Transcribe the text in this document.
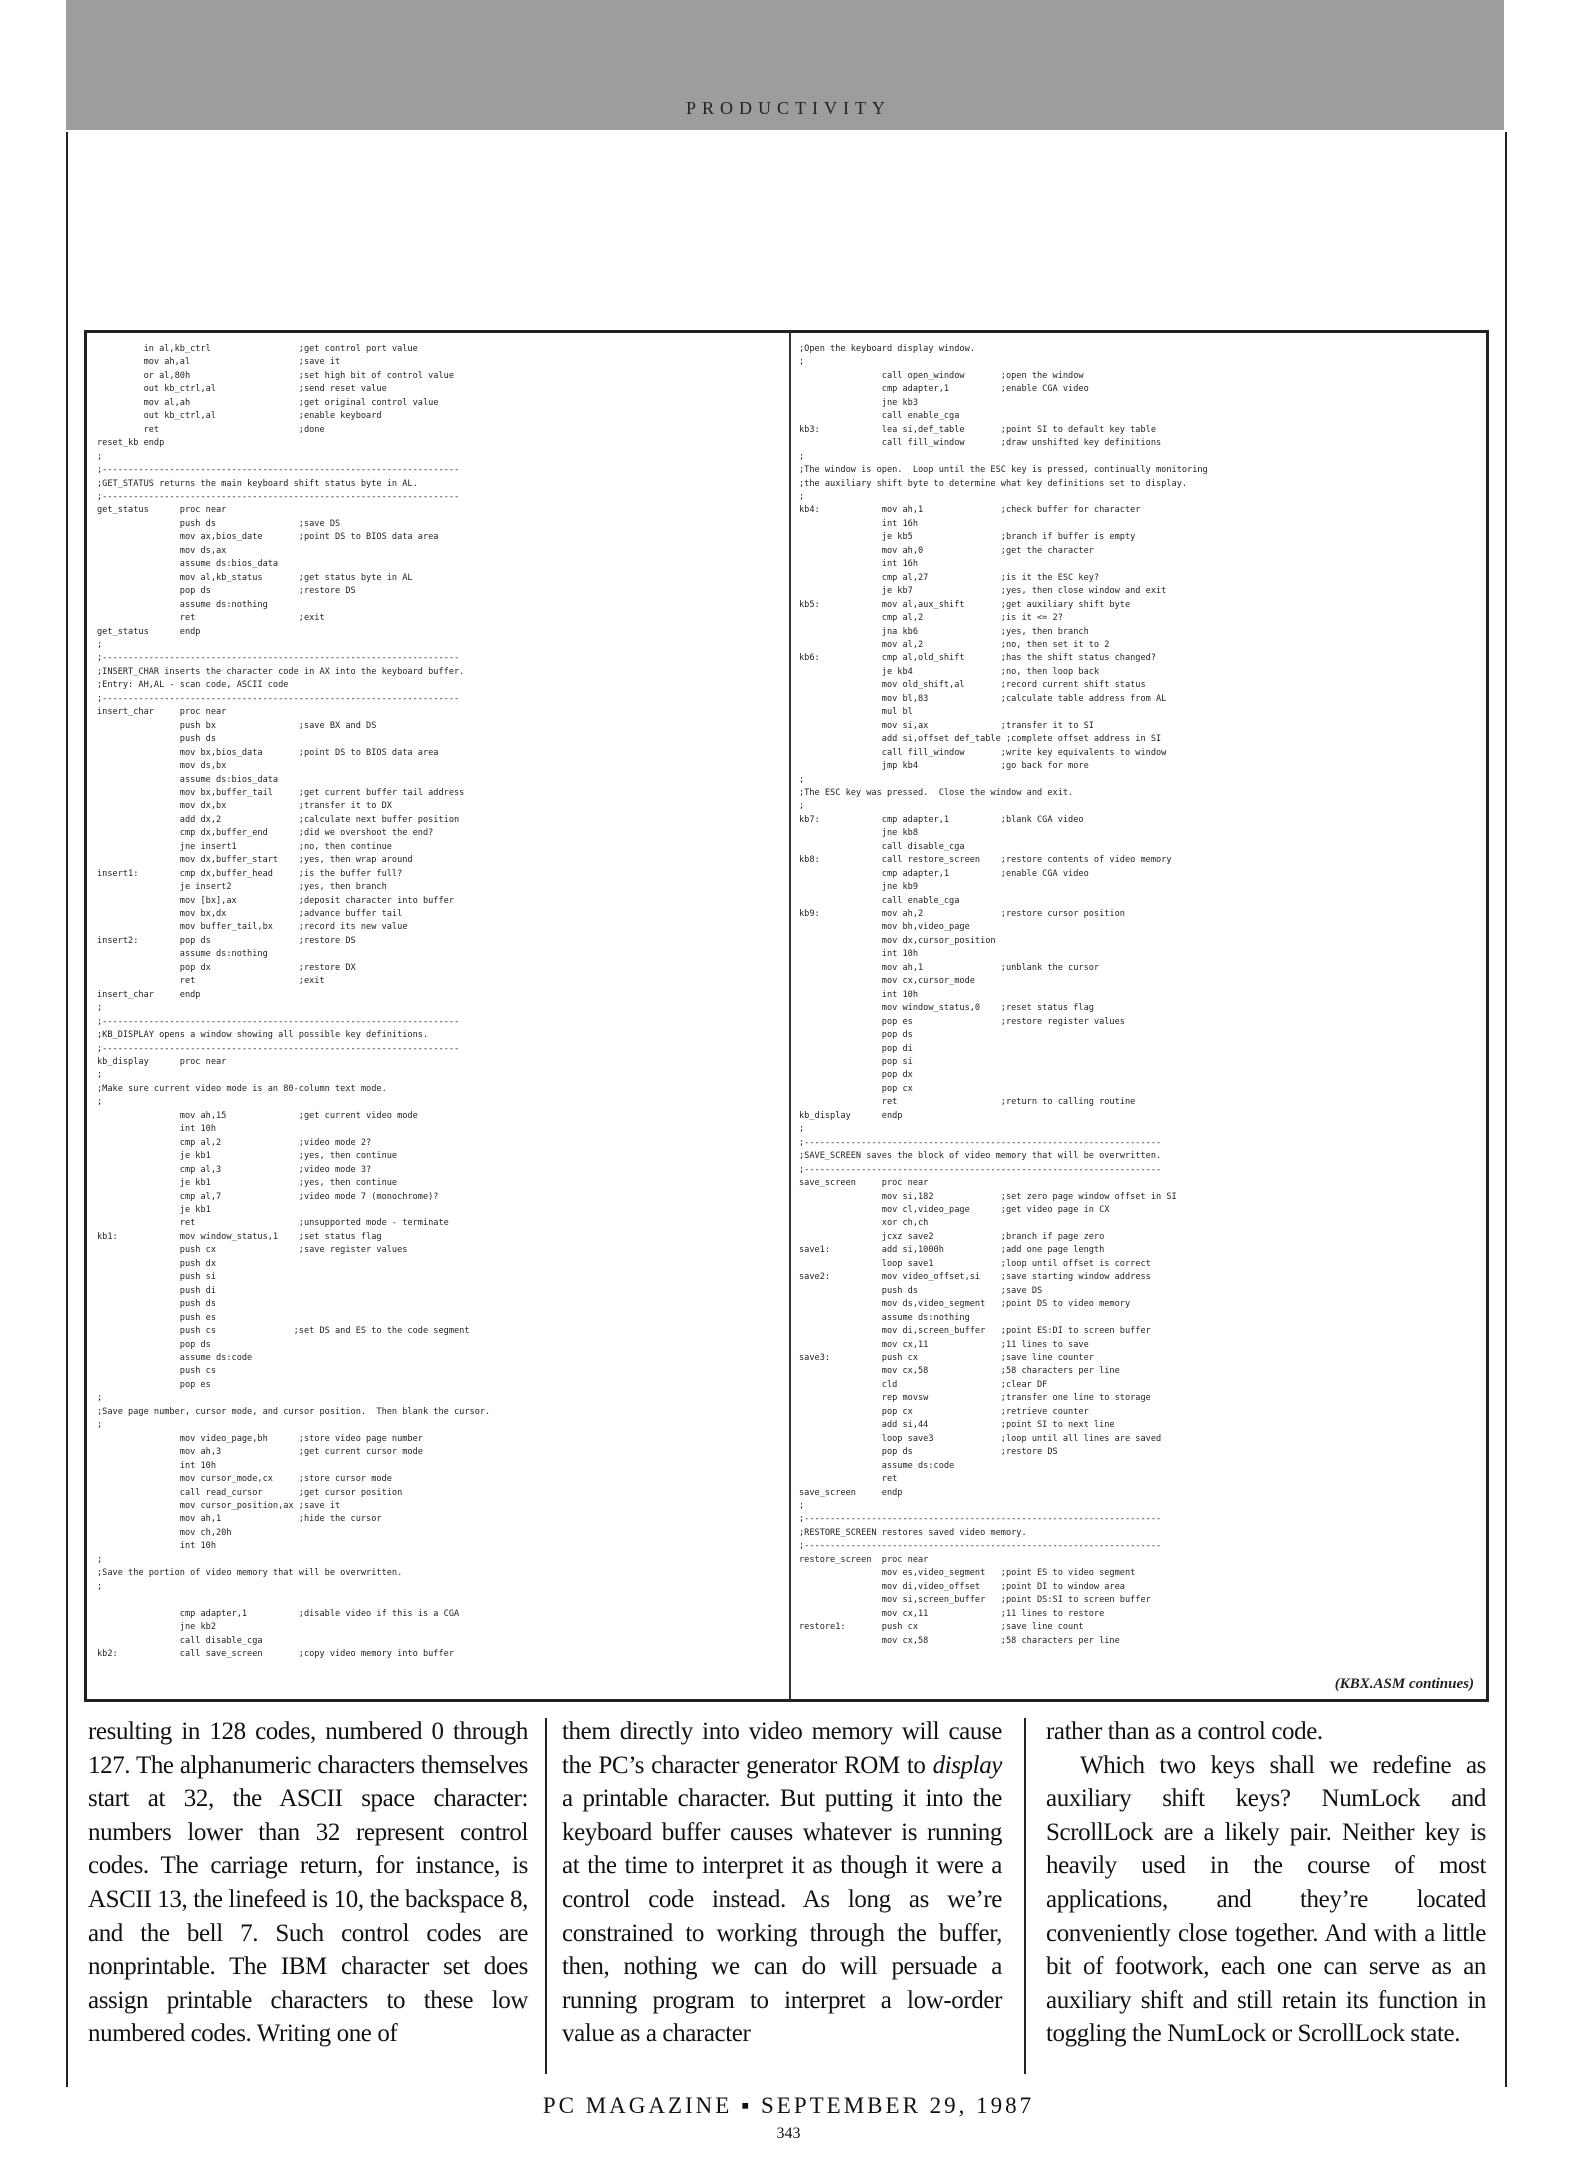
PRODUCTIVITY
in al,kb_ctrl                 ;get control port value
mov ah,al                     ;save it
or al,80h                     ;set high bit of control value
out kb_ctrl,al                ;send reset value
mov al,ah                     ;get original control value
out kb_ctrl,al                ;enable keyboard
ret                           ;done
reset_kb endp
;
;---------------------------------------------------------------------
;GET_STATUS returns the main keyboard shift status byte in AL.
;---------------------------------------------------------------------
get_status      proc near
push ds                ;save DS
mov ax,bios_date       ;point DS to BIOS data area
mov ds,ax
assume ds:bios_data
mov al,kb_status       ;get status byte in AL
pop ds                 ;restore DS
assume ds:nothing
ret                    ;exit
get_status      endp
;
;---------------------------------------------------------------------
;INSERT_CHAR inserts the character code in AX into the keyboard buffer.
;Entry: AH,AL - scan code, ASCII code
;---------------------------------------------------------------------
insert_char     proc near
push bx                ;save BX and DS
push ds
mov bx,bios_data       ;point DS to BIOS data area
mov ds,bx
assume ds:bios_data
mov bx,buffer_tail     ;get current buffer tail address
mov dx,bx              ;transfer it to DX
add dx,2               ;calculate next buffer position
cmp dx,buffer_end      ;did we overshoot the end?
jne insert1            ;no, then continue
mov dx,buffer_start    ;yes, then wrap around
insert1:        cmp dx,buffer_head     ;is the buffer full?
je insert2             ;yes, then branch
mov [bx],ax            ;deposit character into buffer
mov bx,dx              ;advance buffer tail
mov buffer_tail,bx     ;record its new value
insert2:        pop ds                 ;restore DS
assume ds:nothing
pop dx                 ;restore DX
ret                    ;exit
insert_char     endp
;
;---------------------------------------------------------------------
;KB_DISPLAY opens a window showing all possible key definitions.
;---------------------------------------------------------------------
kb_display      proc near
;
;Make sure current video mode is an 80-column text mode.
;
mov ah,15              ;get current video mode
int 10h
cmp al,2               ;video mode 2?
je kb1                 ;yes, then continue
cmp al,3               ;video mode 3?
je kb1                 ;yes, then continue
cmp al,7               ;video mode 7 (monochrome)?
je kb1
ret                    ;unsupported mode - terminate
kb1:            mov window_status,1    ;set status flag
push cx                ;save register values
push dx
push si
push di
push ds
push es
push cs               ;set DS and ES to the code segment
pop ds
assume ds:code
push cs
pop es
;
;Save page number, cursor mode, and cursor position.  Then blank the cursor.
;
mov video_page,bh      ;store video page number
mov ah,3               ;get current cursor mode
int 10h
mov cursor_mode,cx     ;store cursor mode
call read_cursor       ;get cursor position
mov cursor_position,ax ;save it
mov ah,1               ;hide the cursor
mov ch,20h
int 10h
;
;Save the portion of video memory that will be overwritten.
;

cmp adapter,1          ;disable video if this is a CGA
jne kb2
call disable_cga
kb2:            call save_screen       ;copy video memory into buffer
;Open the keyboard display window.
;
call open_window       ;open the window
cmp adapter,1          ;enable CGA video
jne kb3
call enable_cga
kb3:            lea si,def_table       ;point SI to default key table
call fill_window       ;draw unshifted key definitions
;
;The window is open.  Loop until the ESC key is pressed, continually monitoring
;the auxiliary shift byte to determine what key definitions set to display.
;
kb4:            mov ah,1               ;check buffer for character
int 16h
je kb5                 ;branch if buffer is empty
mov ah,0               ;get the character
int 16h
cmp al,27              ;is it the ESC key?
je kb7                 ;yes, then close window and exit
kb5:            mov al,aux_shift       ;get auxiliary shift byte
cmp al,2               ;is it <= 2?
jna kb6                ;yes, then branch
mov al,2               ;no, then set it to 2
kb6:            cmp al,old_shift       ;has the shift status changed?
je kb4                 ;no, then loop back
mov old_shift,al       ;record current shift status
mov bl,83              ;calculate table address from AL
mul bl
mov si,ax              ;transfer it to SI
add si,offset def_table ;complete offset address in SI
call fill_window       ;write key equivalents to window
jmp kb4                ;go back for more
;
;The ESC key was pressed.  Close the window and exit.
;
kb7:            cmp adapter,1          ;blank CGA video
jne kb8
call disable_cga
kb8:            call restore_screen    ;restore contents of video memory
cmp adapter,1          ;enable CGA video
jne kb9
call enable_cga
kb9:            mov ah,2               ;restore cursor position
mov bh,video_page
mov dx,cursor_position
int 10h
mov ah,1               ;unblank the cursor
mov cx,cursor_mode
int 10h
mov window_status,0    ;reset status flag
pop es                 ;restore register values
pop ds
pop di
pop si
pop dx
pop cx
ret                    ;return to calling routine
kb_display      endp
;
;---------------------------------------------------------------------
;SAVE_SCREEN saves the block of video memory that will be overwritten.
;---------------------------------------------------------------------
save_screen     proc near
mov si,182             ;set zero page window offset in SI
mov cl,video_page      ;get video page in CX
xor ch,ch
jcxz save2             ;branch if page zero
save1:          add si,1000h           ;add one page length
loop save1             ;loop until offset is correct
save2:          mov video_offset,si    ;save starting window address
push ds                ;save DS
mov ds,video_segment   ;point DS to video memory
assume ds:nothing
mov di,screen_buffer   ;point ES:DI to screen buffer
mov cx,11              ;11 lines to save
save3:          push cx                ;save line counter
mov cx,58              ;58 characters per line
cld                    ;clear DF
rep movsw              ;transfer one line to storage
pop cx                 ;retrieve counter
add si,44              ;point SI to next line
loop save3             ;loop until all lines are saved
pop ds                 ;restore DS
assume ds:code
ret
save_screen     endp
;
;---------------------------------------------------------------------
;RESTORE_SCREEN restores saved video memory.
;---------------------------------------------------------------------
restore_screen  proc near
mov es,video_segment   ;point ES to video segment
mov di,video_offset    ;point DI to window area
mov si,screen_buffer   ;point DS:SI to screen buffer
mov cx,11              ;11 lines to restore
restore1:       push cx                ;save line count
mov cx,58              ;58 characters per line
(KBX.ASM continues)

resulting in 128 codes, numbered 0 through 127. The alphanumeric characters themselves start at 32, the ASCII space character: numbers lower than 32 represent control codes. The carriage return, for instance, is ASCII 13, the linefeed is 10, the backspace 8, and the bell 7. Such control codes are nonprintable. The IBM character set does assign printable characters to these low numbered codes. Writing one of

them directly into video memory will cause the PC’s character generator ROM to display a printable character. But putting it into the keyboard buffer causes whatever is running at the time to interpret it as though it were a control code instead. As long as we’re constrained to working through the buffer, then, nothing we can do will persuade a running program to interpret a low-order value as a character

rather than as a control code.

Which two keys shall we redefine as auxiliary shift keys? NumLock and ScrollLock are a likely pair. Neither key is heavily used in the course of most applications, and they’re located conveniently close together. And with a little bit of footwork, each one can serve as an auxiliary shift and still retain its function in toggling the NumLock or ScrollLock state.

PC MAGAZINE ▪ SEPTEMBER 29, 1987
343
